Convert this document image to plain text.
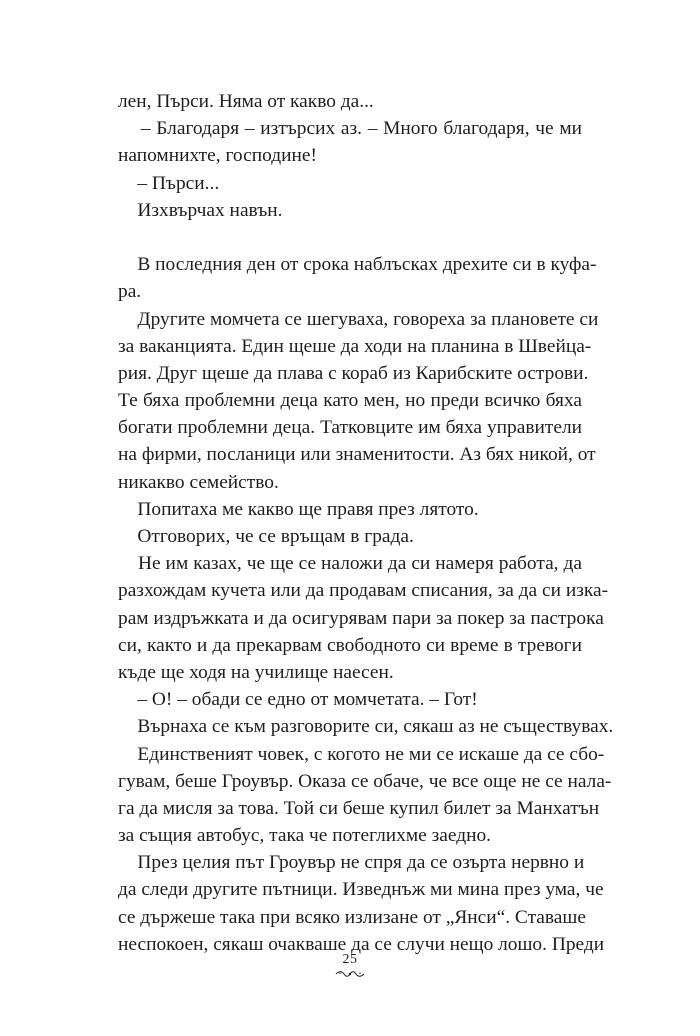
лен, Пърси. Няма от какво да...
– Благодаря – изтърсих аз. – Много благодаря, че ми
напомнихте, господине!
– Пърси...
Изхвърчах навън.
В последния ден от срока наблъсках дрехите си в куфа-
ра.
Другите момчета се шегуваха, говореха за плановете си
за ваканцията. Един щеше да ходи на планина в Швейца-
рия. Друг щеше да плава с кораб из Карибските острови.
Те бяха проблемни деца като мен, но преди всичко бяха
богати проблемни деца. Татковците им бяха управители
на фирми, посланици или знаменитости. Аз бях никой, от
никакво семейство.
Попитаха ме какво ще правя през лятото.
Отговорих, че се връщам в града.
Не им казах, че ще се наложи да си намеря работа, да
разхождам кучета или да продавам списания, за да си изка-
рам издръжката и да осигурявам пари за покер за пастрока
си, както и да прекарвам свободното си време в тревоги
къде ще ходя на училище наесен.
– О! – обади се едно от момчетата. – Гот!
Върнаха се към разговорите си, сякаш аз не съществувах.
Единственият човек, с когото не ми се искаше да се сбо-
гувам, беше Гроувър. Оказа се обаче, че все още не се нала-
га да мисля за това. Той си беше купил билет за Манхатън
за същия автобус, така че потеглихме заедно.
През целия път Гроувър не спря да се озърта нервно и
да следи другите пътници. Изведнъж ми мина през ума, че
се държеше така при всяко излизане от „Янси“. Ставаше
неспокоен, сякаш очакваше да се случи нещо лошо. Преди
25
